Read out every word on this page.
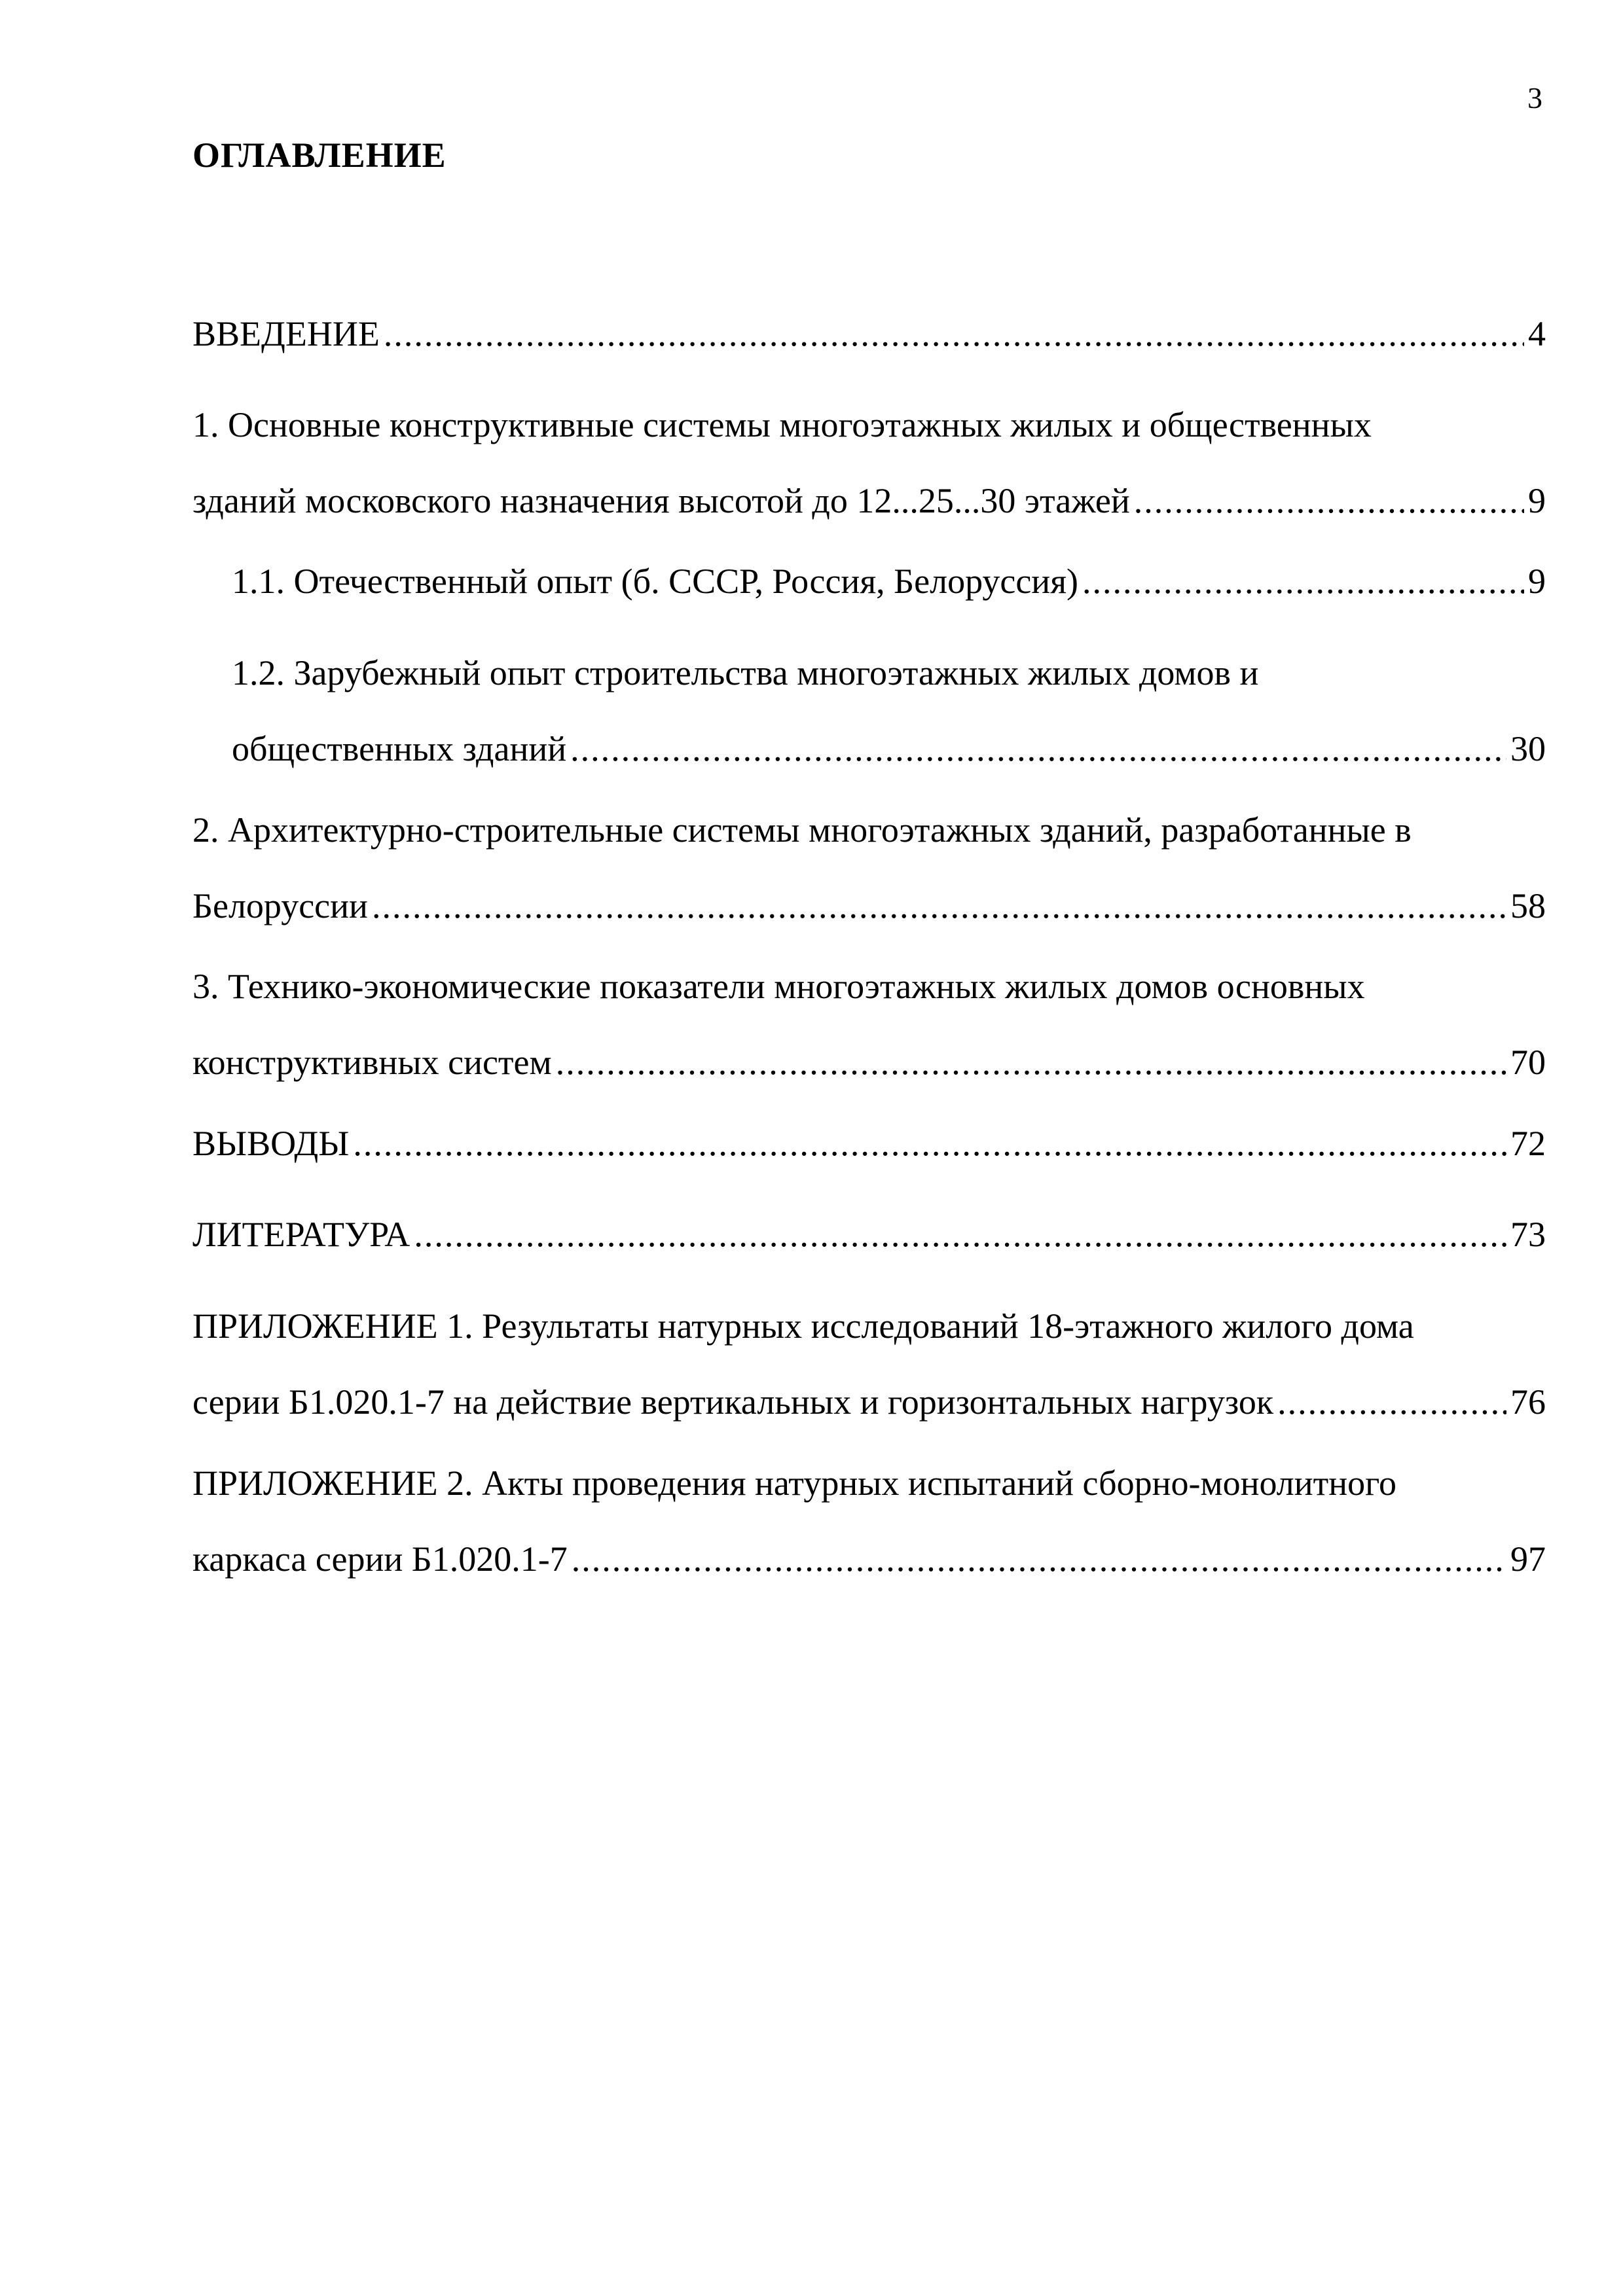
3
ОГЛАВЛЕНИЕ
ВВЕДЕНИЕ .....	4
1. Основные конструктивные системы многоэтажных жилых и общественных
зданий московского назначения высотой до 12...25...30 этажей .....	9
1.1. Отечественный опыт (б. СССР, Россия, Белоруссия) .....	9
1.2. Зарубежный опыт строительства многоэтажных жилых домов и
общественных зданий .....	30
2. Архитектурно-строительные системы многоэтажных зданий, разработанные в
Белоруссии .....	58
3. Технико-экономические показатели многоэтажных жилых домов основных
конструктивных систем .....	70
ВЫВОДЫ .....	72
ЛИТЕРАТУРА .....	73
ПРИЛОЖЕНИЕ 1. Результаты натурных исследований 18-этажного жилого дома
серии Б1.020.1-7 на действие вертикальных и горизонтальных нагрузок .....	76
ПРИЛОЖЕНИЕ 2. Акты проведения натурных испытаний сборно-монолитного
каркаса серии Б1.020.1-7 .....	97
